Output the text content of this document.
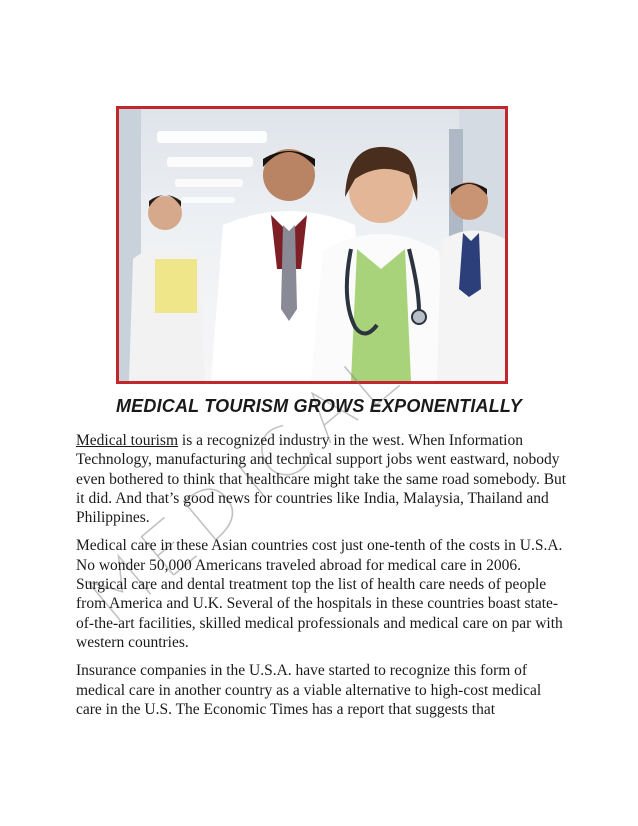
MEDICAL TOURISM GROWS EXPONENTIALLY

Medical tourism is a recognized industry in the west. When Information Technology, manufacturing and technical support jobs went eastward, nobody even bothered to think that healthcare might take the same road somebody. But it did. And that’s good news for countries like India, Malaysia, Thailand and Philippines.

Medical care in these Asian countries cost just one-tenth of the costs in U.S.A. No wonder 50,000 Americans traveled abroad for medical care in 2006. Surgical care and dental treatment top the list of health care needs of people from America and U.K. Several of the hospitals in these countries boast state-of-the-art facilities, skilled medical professionals and medical care on par with western countries.

Insurance companies in the U.S.A. have started to recognize this form of medical care in another country as a viable alternative to high-cost medical care in the U.S. The Economic Times has a report that suggests that
